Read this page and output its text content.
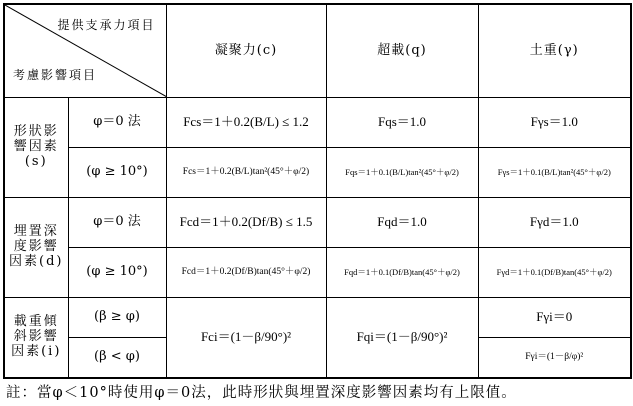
提供支承力項目
考慮影響項目		凝聚力(c)	超載(q)	土重(γ)

形狀影
響因素
(s)	φ＝0 法	Fcs＝1＋0.2(B/L) ≤ 1.2	Fqs＝1.0	Fγs＝1.0
	(φ ≥ 10°)	Fcs＝1＋0.2(B/L)tan²(45°＋φ/2)	Fqs＝1＋0.1(B/L)tan²(45°＋φ/2)	Fγs＝1＋0.1(B/L)tan²(45°＋φ/2)

埋置深
度影響
因素(d)	φ＝0 法	Fcd＝1＋0.2(Df/B) ≤ 1.5	Fqd＝1.0	Fγd＝1.0
	(φ ≥ 10°)	Fcd＝1＋0.2(Df/B)tan(45°＋φ/2)	Fqd＝1＋0.1(Df/B)tan(45°＋φ/2)	Fγd＝1＋0.1(Df/B)tan(45°＋φ/2)

載重傾
斜影響
因素(i)	(β ≥ φ)	Fci＝(1－β/90°)²	Fqi＝(1－β/90°)²	Fγi＝0
	(β < φ)			Fγi＝(1－β/φ)²
註：當φ＜10°時使用φ＝0法，此時形狀與埋置深度影響因素均有上限值。
